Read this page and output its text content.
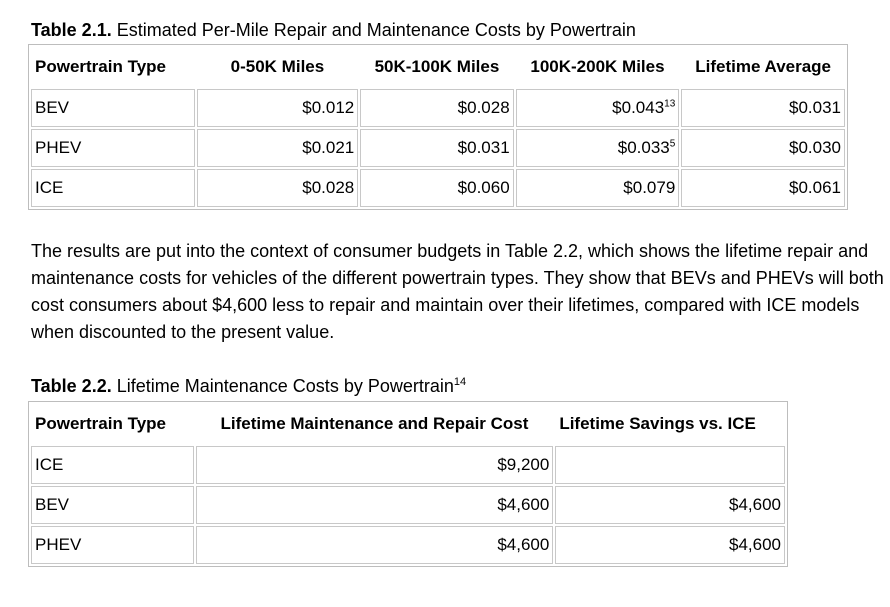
Table 2.1. Estimated Per-Mile Repair and Maintenance Costs by Powertrain
Powertrain Type	0-50K Miles	50K-100K Miles	100K-200K Miles	Lifetime Average
BEV	$0.012	$0.028	$0.043$^{13}$	$0.031
PHEV	$0.021	$0.031	$0.033$^5$	$0.030
ICE	$0.028	$0.060	$0.079	$0.061

The results are put into the context of consumer budgets in Table 2.2, which shows the lifetime repair and maintenance costs for vehicles of the different powertrain types. They show that BEVs and PHEVs will both cost consumers about $4,600 less to repair and maintain over their lifetimes, compared with ICE models when discounted to the present value.

Table 2.2. Lifetime Maintenance Costs by Powertrain$^{14}$
Powertrain Type	Lifetime Maintenance and Repair Cost	Lifetime Savings vs. ICE
ICE	$9,200	
BEV	$4,600	$4,600
PHEV	$4,600	$4,600
